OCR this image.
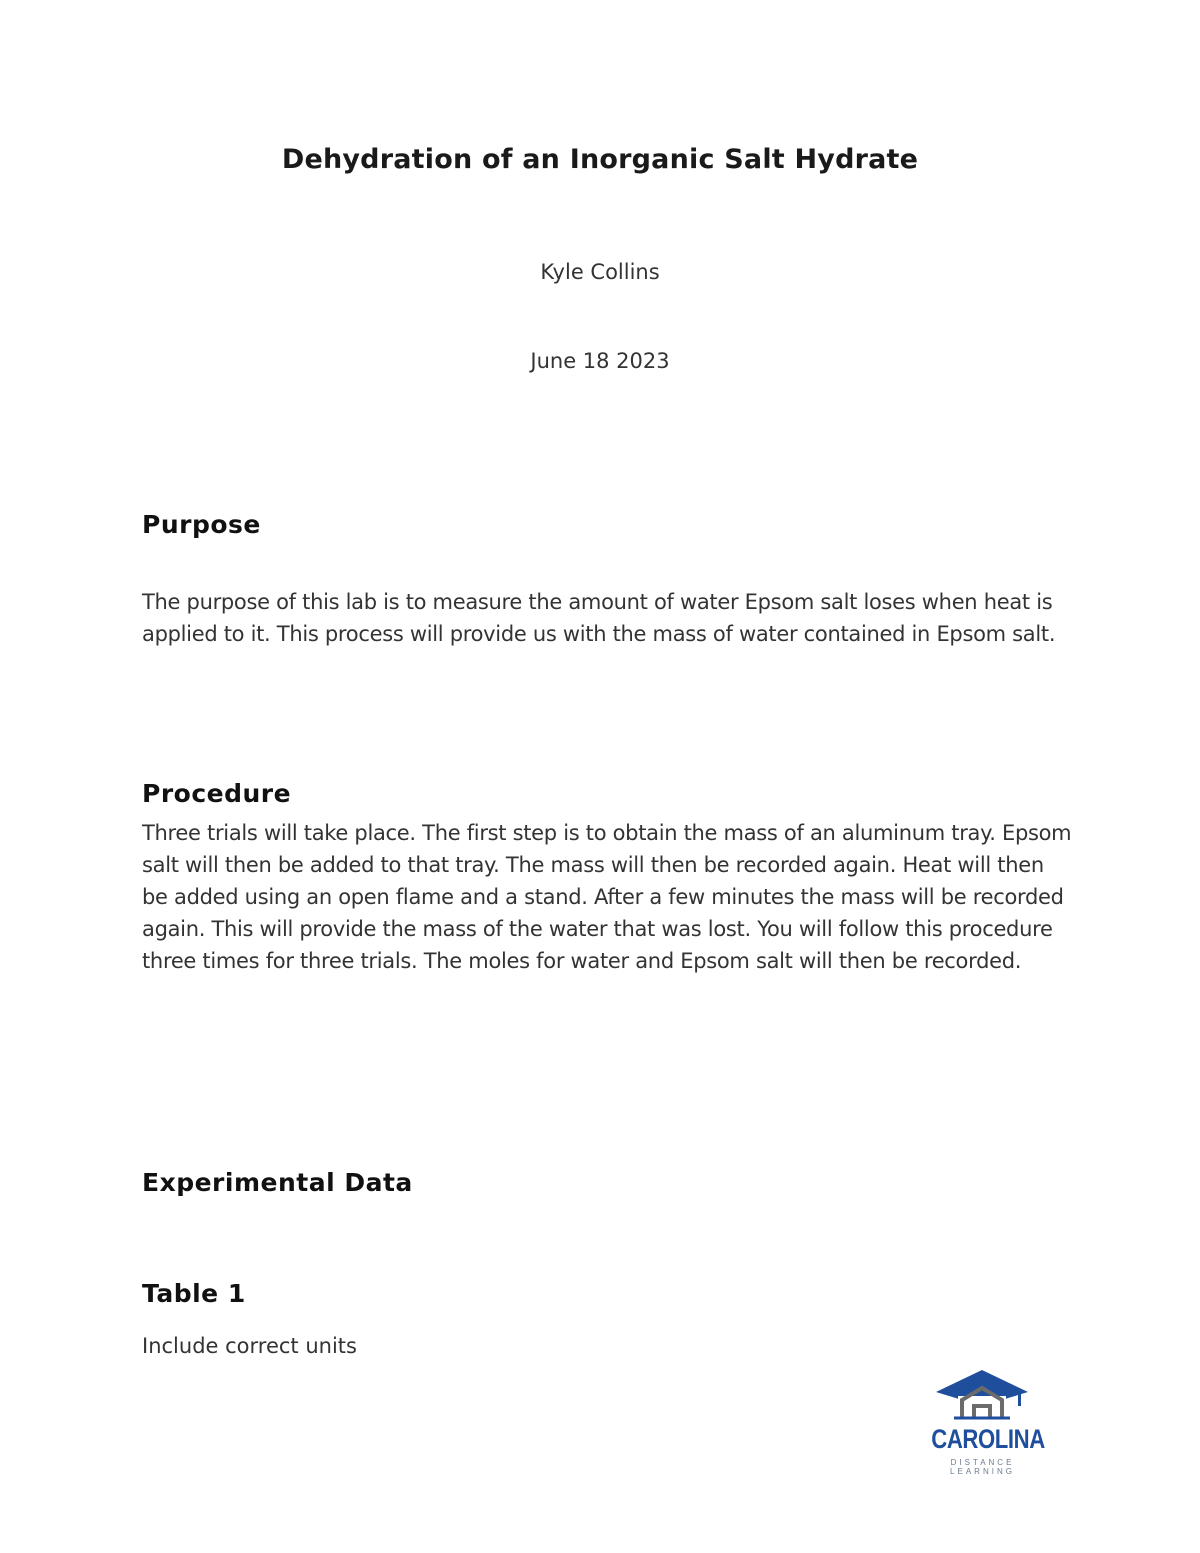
Dehydration of an Inorganic Salt Hydrate
Kyle Collins
June 18 2023
Purpose
The purpose of this lab is to measure the amount of water Epsom salt loses when heat is applied to it. This process will provide us with the mass of water contained in Epsom salt.
Procedure
Three trials will take place. The first step is to obtain the mass of an aluminum tray. Epsom salt will then be added to that tray. The mass will then be recorded again. Heat will then be added using an open flame and a stand. After a few minutes the mass will be recorded again. This will provide the mass of the water that was lost. You will follow this procedure three times for three trials. The moles for water and Epsom salt will then be recorded.
Experimental Data
Table 1
Include correct units
CAROLINA
DISTANCE LEARNING
